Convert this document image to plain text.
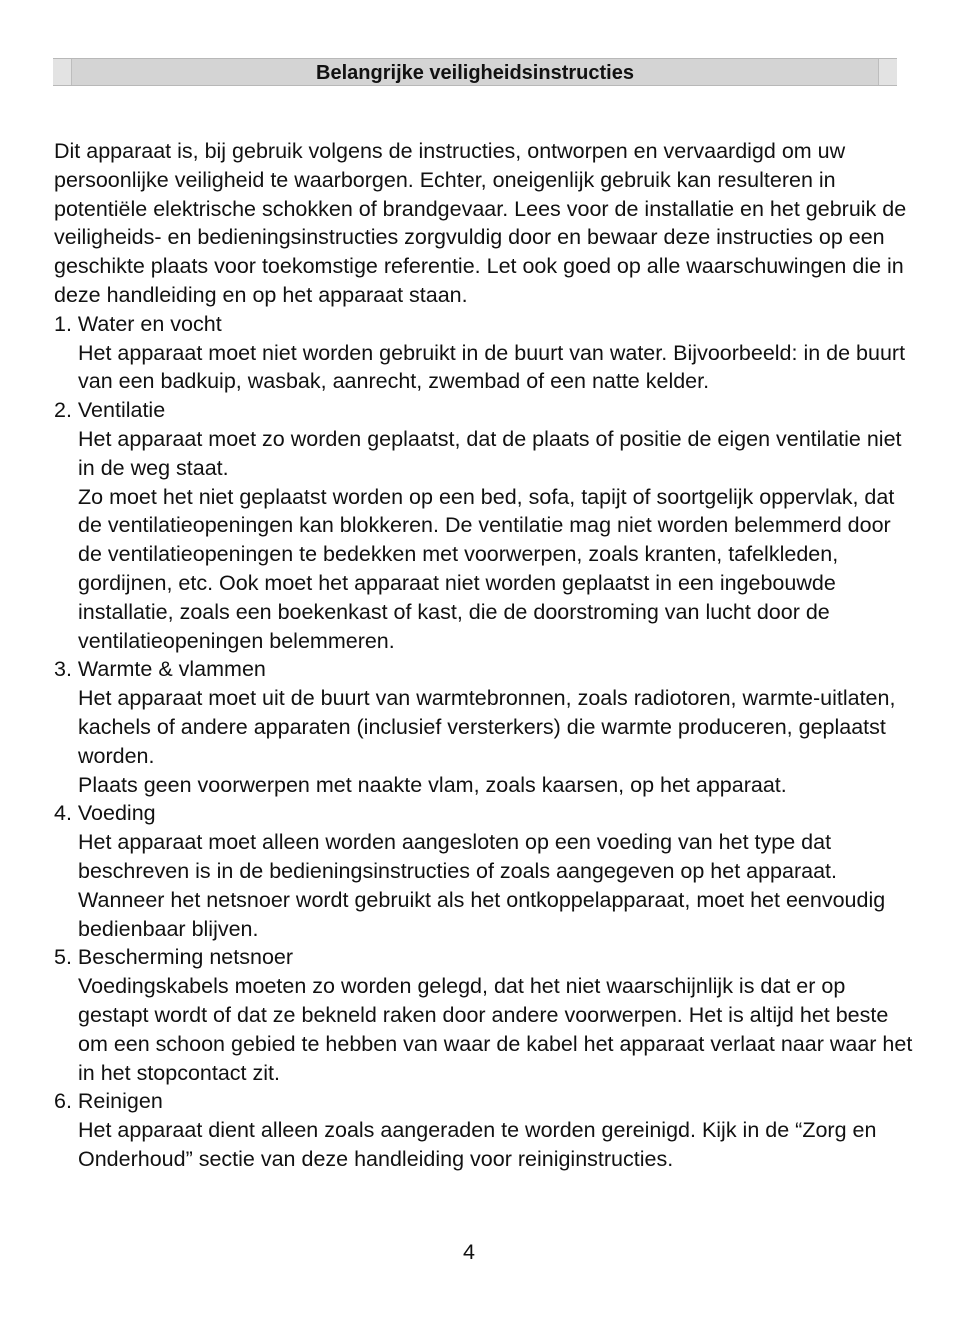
Belangrijke veiligheidsinstructies

Dit apparaat is, bij gebruik volgens de instructies, ontworpen en vervaardigd om uw persoonlijke veiligheid te waarborgen. Echter, oneigenlijk gebruik kan resulteren in potentiële elektrische schokken of brandgevaar. Lees voor de installatie en het gebruik de veiligheids- en bedieningsinstructies zorgvuldig door en bewaar deze instructies op een geschikte plaats voor toekomstige referentie. Let ook goed op alle waarschuwingen die in deze handleiding en op het apparaat staan.

1. Water en vocht

Het apparaat moet niet worden gebruikt in de buurt van water. Bijvoorbeeld: in de buurt van een badkuip, wasbak, aanrecht, zwembad of een natte kelder.

2. Ventilatie

Het apparaat moet zo worden geplaatst, dat de plaats of positie de eigen ventilatie niet in de weg staat.

Zo moet het niet geplaatst worden op een bed, sofa, tapijt of soortgelijk oppervlak, dat de ventilatieopeningen kan blokkeren. De ventilatie mag niet worden belemmerd door de ventilatieopeningen te bedekken met voorwerpen, zoals kranten, tafelkleden, gordijnen, etc. Ook moet het apparaat niet worden geplaatst in een ingebouwde installatie, zoals een boekenkast of kast, die de doorstroming van lucht door de ventilatieopeningen belemmeren.

3. Warmte & vlammen

Het apparaat moet uit de buurt van warmtebronnen, zoals radiotoren, warmte-uitlaten, kachels of andere apparaten (inclusief versterkers) die warmte produceren, geplaatst worden.

Plaats geen voorwerpen met naakte vlam, zoals kaarsen, op het apparaat.

4. Voeding

Het apparaat moet alleen worden aangesloten op een voeding van het type dat beschreven is in de bedieningsinstructies of zoals aangegeven op het apparaat.

Wanneer het netsnoer wordt gebruikt als het ontkoppelapparaat, moet het eenvoudig bedienbaar blijven.

5. Bescherming netsnoer

Voedingskabels moeten zo worden gelegd, dat het niet waarschijnlijk is dat er op gestapt wordt of dat ze bekneld raken door andere voorwerpen. Het is altijd het beste om een schoon gebied te hebben van waar de kabel het apparaat verlaat naar waar het in het stopcontact zit.

6. Reinigen

Het apparaat dient alleen zoals aangeraden te worden gereinigd. Kijk in de “Zorg en Onderhoud” sectie van deze handleiding voor reiniginstructies.

4
